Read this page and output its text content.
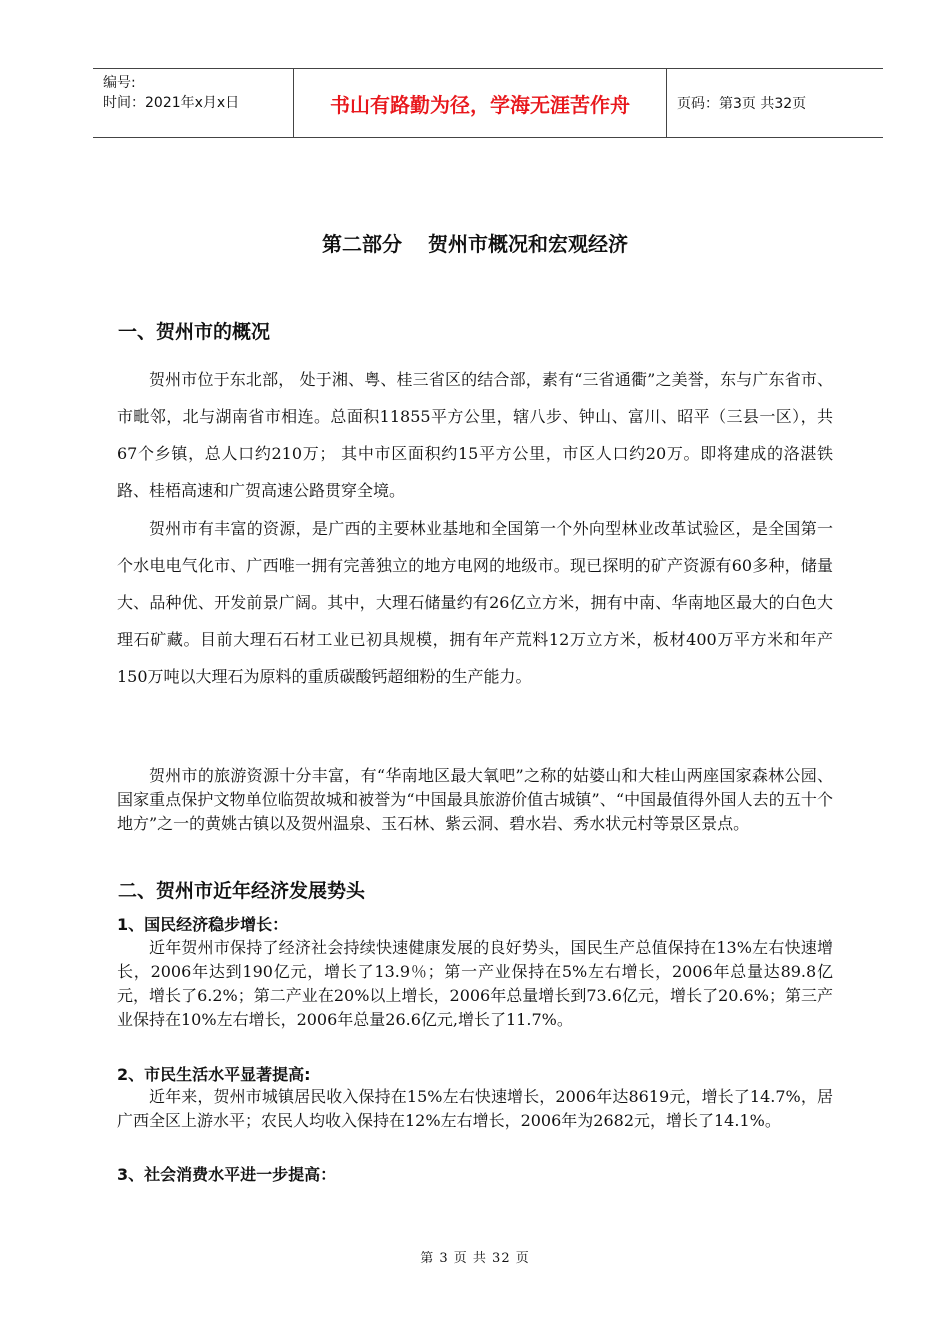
编号:
时间：2021年x月x日	书山有路勤为径，学海无涯苦作舟	页码：第3页 共32页
第二部分 贺州市概况和宏观经济
一、贺州市的概况

贺州市位于东北部， 处于湘、粤、桂三省区的结合部，素有“三省通衢”之美誉，东与广东省市、市毗邻，北与湖南省市相连。总面积11855平方公里，辖八步、钟山、富川、昭平（三县一区），共67个乡镇，总人口约210万； 其中市区面积约15平方公里，市区人口约20万。即将建成的洛湛铁路、桂梧高速和广贺高速公路贯穿全境。

贺州市有丰富的资源，是广西的主要林业基地和全国第一个外向型林业改革试验区，是全国第一个水电电气化市、广西唯一拥有完善独立的地方电网的地级市。现已探明的矿产资源有60多种，储量大、品种优、开发前景广阔。其中，大理石储量约有26亿立方米，拥有中南、华南地区最大的白色大理石矿藏。目前大理石石材工业已初具规模，拥有年产荒料12万立方米，板材400万平方米和年产150万吨以大理石为原料的重质碳酸钙超细粉的生产能力。

贺州市的旅游资源十分丰富，有“华南地区最大氧吧”之称的姑婆山和大桂山两座国家森林公园、国家重点保护文物单位临贺故城和被誉为“中国最具旅游价值古城镇”、“中国最值得外国人去的五十个地方”之一的黄姚古镇以及贺州温泉、玉石林、紫云洞、碧水岩、秀水状元村等景区景点。

二、贺州市近年经济发展势头
1、国民经济稳步增长：

近年贺州市保持了经济社会持续快速健康发展的良好势头，国民生产总值保持在13%左右快速增长，2006年达到190亿元，增长了13.9％；第一产业保持在5%左右增长，2006年总量达89.8亿元，增长了6.2%；第二产业在20%以上增长，2006年总量增长到73.6亿元，增长了20.6%；第三产业保持在10%左右增长，2006年总量26.6亿元,增长了11.7%。

2、市民生活水平显著提高:

近年来，贺州市城镇居民收入保持在15%左右快速增长，2006年达8619元，增长了14.7%，居广西全区上游水平；农民人均收入保持在12%左右增长，2006年为2682元，增长了14.1%。

3、社会消费水平进一步提高：
第 3 页 共 32 页
